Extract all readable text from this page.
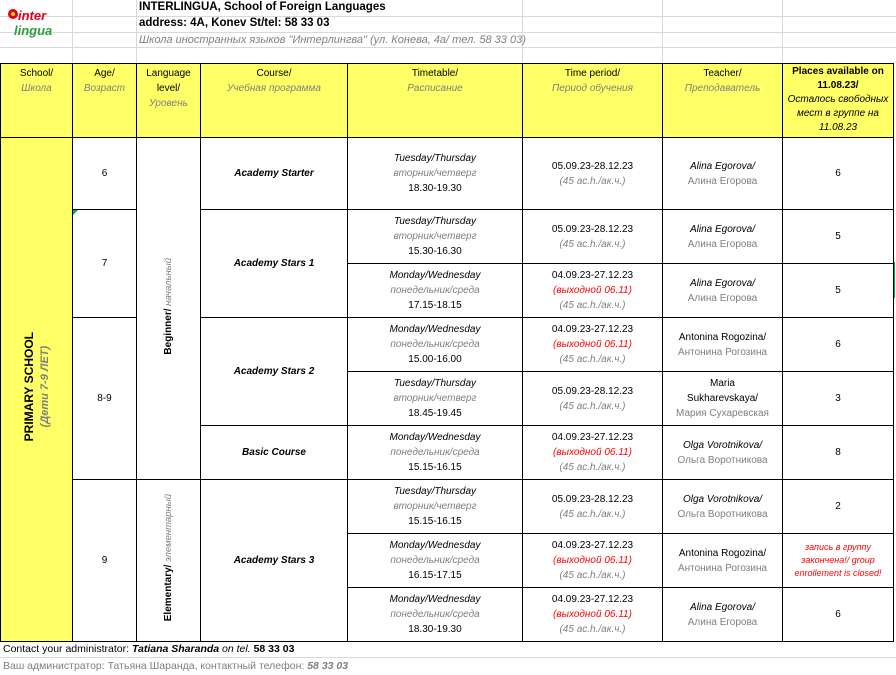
inter
lingua
INTERLINGUA, School of Foreign Languages
address: 4A, Konev St/tel: 58 33 03
Школа иностранных языков "Интерлингва" (ул. Конева, 4а/ тел. 58 33 03)
School/
Школа	Age/
Возраст	Language
level/
Уровень	Course/
Учебная программа	Timetable/
Расписание	Time period/
Период обучения	Teacher/
Преподаватель	Places available on
11.08.23/
Осталось свободных
мест в группе на
11.08.23

PRIMARY SCHOOL (Дети 7-9 ЛЕТ)	6	Beginner/ начальный	Academy Starter	Tuesday/Thursday
вторник/четверг
18.30-19.30	05.09.23-28.12.23
(45 ac.h./ак.ч.)	Alina Egorova/
Алина Егорова	6
	7		Academy Stars 1	Tuesday/Thursday
вторник/четверг
15.30-16.30	05.09.23-28.12.23
(45 ac.h./ак.ч.)	Alina Egorova/
Алина Егорова	5

				Monday/Wednesday
понедельник/среда
17.15-18.15	04.09.23-27.12.23
(выходной 06.11)
(45 ac.h./ак.ч.)	Alina Egorova/
Алина Егорова	5
	8-9		Academy Stars 2	Monday/Wednesday
понедельник/среда
15.00-16.00	04.09.23-27.12.23
(выходной 06.11)
(45 ac.h./ак.ч.)	Antonina Rogozina/
Антонина Рогозина	6

				Tuesday/Thursday
вторник/четверг
18.45-19.45	05.09.23-28.12.23
(45 ac.h./ак.ч.)	Maria
Sukharevskaya/
Мария Сухаревская	3
			Basic Course	Monday/Wednesday
понедельник/среда
15.15-16.15	04.09.23-27.12.23
(выходной 06.11)
(45 ac.h./ак.ч.)	Olga Vorotnikova/
Ольга Воротникова	8
	9	Elementary/ элементарный	Academy Stars 3	Tuesday/Thursday
вторник/четверг
15.15-16.15	05.09.23-28.12.23
(45 ac.h./ак.ч.)	Olga Vorotnikova/
Ольга Воротникова	2

				Monday/Wednesday
понедельник/среда
16.15-17.15	04.09.23-27.12.23
(выходной 06.11)
(45 ac.h./ак.ч.)	Antonina Rogozina/
Антонина Рогозина	запись в группу
закончена!/ group
enrollement is closed!

				Monday/Wednesday
понедельник/среда
18.30-19.30	04.09.23-27.12.23
(выходной 06.11)
(45 ac.h./ак.ч.)	Alina Egorova/
Алина Егорова	6
Contact your administrator: Tatiana Sharanda on tel. 58 33 03
Ваш администратор: Татьяна Шаранда, контактный телефон: 58 33 03
